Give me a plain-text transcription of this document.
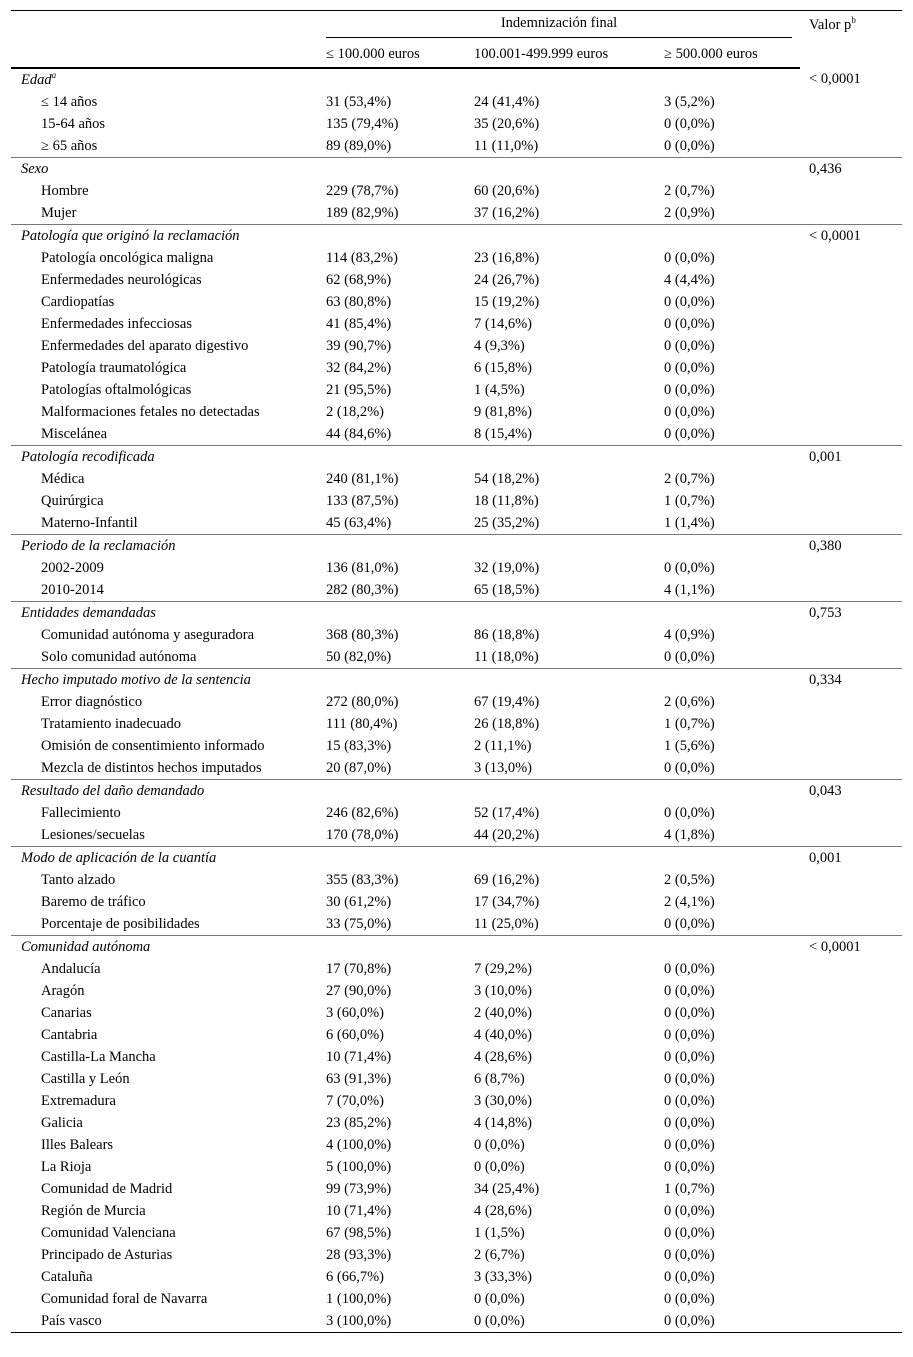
	Indemnización final			Valor $p^b$
	≤ 100.000 euros	100.001-499.999 euros	≥ 500.000 euros	
Edad$^a$				< 0,0001
≤ 14 años	31 (53,4%)	24 (41,4%)	3 (5,2%)	
15-64 años	135 (79,4%)	35 (20,6%)	0 (0,0%)	
≥ 65 años	89 (89,0%)	11 (11,0%)	0 (0,0%)	
Sexo				0,436
Hombre	229 (78,7%)	60 (20,6%)	2 (0,7%)	
Mujer	189 (82,9%)	37 (16,2%)	2 (0,9%)	
Patología que originó la reclamación				< 0,0001
Patología oncológica maligna	114 (83,2%)	23 (16,8%)	0 (0,0%)	
Enfermedades neurológicas	62 (68,9%)	24 (26,7%)	4 (4,4%)	
Cardiopatías	63 (80,8%)	15 (19,2%)	0 (0,0%)	
Enfermedades infecciosas	41 (85,4%)	7 (14,6%)	0 (0,0%)	
Enfermedades del aparato digestivo	39 (90,7%)	4 (9,3%)	0 (0,0%)	
Patología traumatológica	32 (84,2%)	6 (15,8%)	0 (0,0%)	
Patologías oftalmológicas	21 (95,5%)	1 (4,5%)	0 (0,0%)	
Malformaciones fetales no detectadas	2 (18,2%)	9 (81,8%)	0 (0,0%)	
Miscelánea	44 (84,6%)	8 (15,4%)	0 (0,0%)	
Patología recodificada				0,001
Médica	240 (81,1%)	54 (18,2%)	2 (0,7%)	
Quirúrgica	133 (87,5%)	18 (11,8%)	1 (0,7%)	
Materno-Infantil	45 (63,4%)	25 (35,2%)	1 (1,4%)	
Periodo de la reclamación				0,380
2002-2009	136 (81,0%)	32 (19,0%)	0 (0,0%)	
2010-2014	282 (80,3%)	65 (18,5%)	4 (1,1%)	
Entidades demandadas				0,753
Comunidad autónoma y aseguradora	368 (80,3%)	86 (18,8%)	4 (0,9%)	
Solo comunidad autónoma	50 (82,0%)	11 (18,0%)	0 (0,0%)	
Hecho imputado motivo de la sentencia				0,334
Error diagnóstico	272 (80,0%)	67 (19,4%)	2 (0,6%)	
Tratamiento inadecuado	111 (80,4%)	26 (18,8%)	1 (0,7%)	
Omisión de consentimiento informado	15 (83,3%)	2 (11,1%)	1 (5,6%)	
Mezcla de distintos hechos imputados	20 (87,0%)	3 (13,0%)	0 (0,0%)	
Resultado del daño demandado				0,043
Fallecimiento	246 (82,6%)	52 (17,4%)	0 (0,0%)	
Lesiones/secuelas	170 (78,0%)	44 (20,2%)	4 (1,8%)	
Modo de aplicación de la cuantía				0,001
Tanto alzado	355 (83,3%)	69 (16,2%)	2 (0,5%)	
Baremo de tráfico	30 (61,2%)	17 (34,7%)	2 (4,1%)	
Porcentaje de posibilidades	33 (75,0%)	11 (25,0%)	0 (0,0%)	
Comunidad autónoma				< 0,0001
Andalucía	17 (70,8%)	7 (29,2%)	0 (0,0%)	
Aragón	27 (90,0%)	3 (10,0%)	0 (0,0%)	
Canarias	3 (60,0%)	2 (40,0%)	0 (0,0%)	
Cantabria	6 (60,0%)	4 (40,0%)	0 (0,0%)	
Castilla-La Mancha	10 (71,4%)	4 (28,6%)	0 (0,0%)	
Castilla y León	63 (91,3%)	6 (8,7%)	0 (0,0%)	
Extremadura	7 (70,0%)	3 (30,0%)	0 (0,0%)	
Galicia	23 (85,2%)	4 (14,8%)	0 (0,0%)	
Illes Balears	4 (100,0%)	0 (0,0%)	0 (0,0%)	
La Rioja	5 (100,0%)	0 (0,0%)	0 (0,0%)	
Comunidad de Madrid	99 (73,9%)	34 (25,4%)	1 (0,7%)	
Región de Murcia	10 (71,4%)	4 (28,6%)	0 (0,0%)	
Comunidad Valenciana	67 (98,5%)	1 (1,5%)	0 (0,0%)	
Principado de Asturias	28 (93,3%)	2 (6,7%)	0 (0,0%)	
Cataluña	6 (66,7%)	3 (33,3%)	0 (0,0%)	
Comunidad foral de Navarra	1 (100,0%)	0 (0,0%)	0 (0,0%)	
País vasco	3 (100,0%)	0 (0,0%)	0 (0,0%)	
